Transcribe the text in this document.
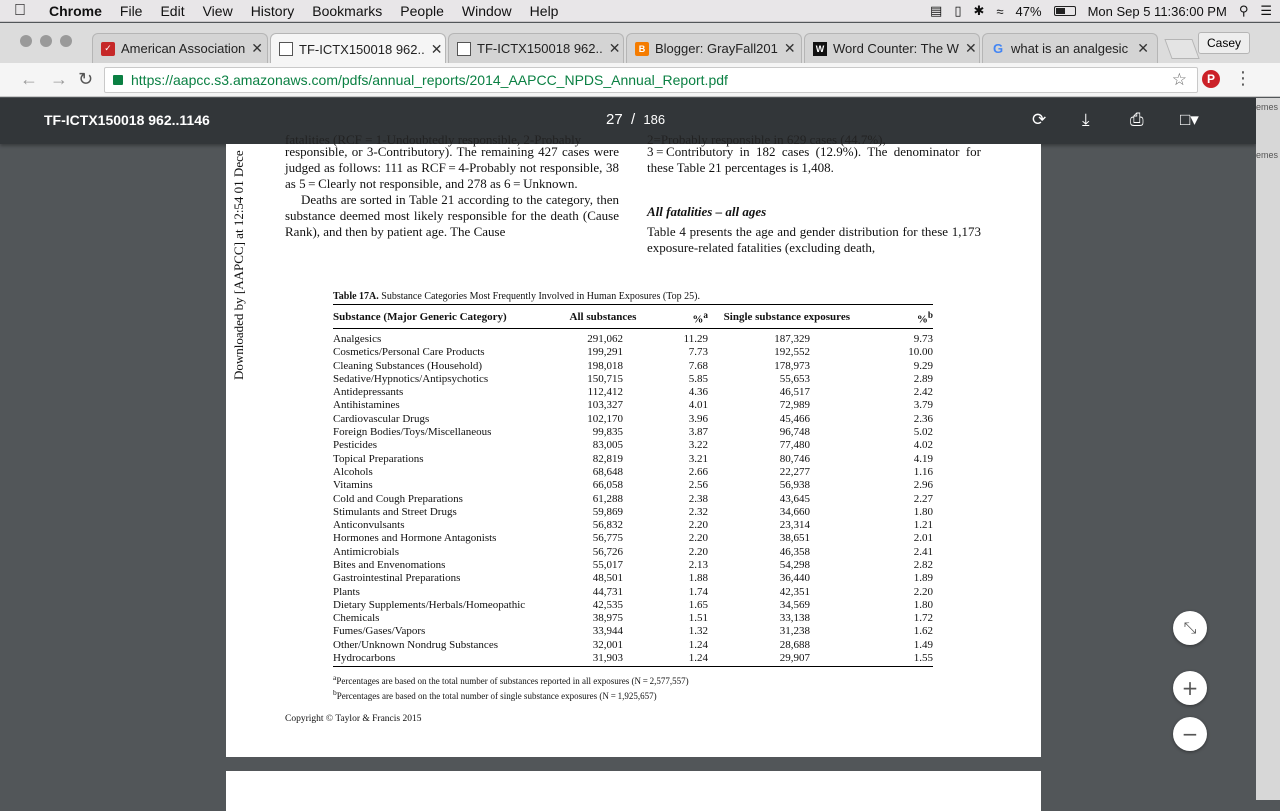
Chrome	File	Edit	View	History	Bookmarks	People	Window	Help	▤ ▯ ✱ ≈ 47%	Mon Sep 5 11:36:00 PM ⚲ ☰
✓ American Association ✕	TF-ICTX150018 962.. ✕	TF-ICTX150018 962.. ✕	B Blogger: GrayFall201 ✕	W Word Counter: The W ✕ G what is an analgesic ✕	Casey
← → ↻	https://aapcc.s3.amazonaws.com/pdfs/annual_reports/2014_AAPCC_NPDS_Annual_Report.pdf	☆	P ⋮
TF-ICTX150018 962..1146	27  / 186	⟳ ⤓ ⎙ □▾
emes
emes
Downloaded by [AAPCC] at 12:54 01 Dece
fatalities (RCF = 1-Undoubtedly responsible, 2-Probably

responsible, or 3-Contributory). The remaining 427 cases were judged as follows: 111 as RCF = 4-Probably not responsible, 38 as 5 = Clearly not responsible, and 278 as 6 = Unknown.

Deaths are sorted in Table 21 according to the category, then substance deemed most likely responsible for the death (Cause Rank), and then by patient age. The Cause

2=Probably responsible in 629 cases (44.7%),

3 = Contributory in 182 cases (12.9%). The denominator for these Table 21 percentages is 1,408.

All fatalities – all ages

Table 4 presents the age and gender distribution for these 1,173 exposure-related fatalities (excluding death,

Table 17A. Substance Categories Most Frequently Involved in Human Exposures (Top 25).
Substance (Major Generic Category)	All substances	%$^a$	Single substance exposures	%$^b$
Analgesics	291,062	11.29	187,329	9.73
Cosmetics/Personal Care Products	199,291	7.73	192,552	10.00
Cleaning Substances (Household)	198,018	7.68	178,973	9.29
Sedative/Hypnotics/Antipsychotics	150,715	5.85	55,653	2.89
Antidepressants	112,412	4.36	46,517	2.42
Antihistamines	103,327	4.01	72,989	3.79
Cardiovascular Drugs	102,170	3.96	45,466	2.36
Foreign Bodies/Toys/Miscellaneous	99,835	3.87	96,748	5.02
Pesticides	83,005	3.22	77,480	4.02
Topical Preparations	82,819	3.21	80,746	4.19
Alcohols	68,648	2.66	22,277	1.16
Vitamins	66,058	2.56	56,938	2.96
Cold and Cough Preparations	61,288	2.38	43,645	2.27
Stimulants and Street Drugs	59,869	2.32	34,660	1.80
Anticonvulsants	56,832	2.20	23,314	1.21
Hormones and Hormone Antagonists	56,775	2.20	38,651	2.01
Antimicrobials	56,726	2.20	46,358	2.41
Bites and Envenomations	55,017	2.13	54,298	2.82
Gastrointestinal Preparations	48,501	1.88	36,440	1.89
Plants	44,731	1.74	42,351	2.20
Dietary Supplements/Herbals/Homeopathic	42,535	1.65	34,569	1.80
Chemicals	38,975	1.51	33,138	1.72
Fumes/Gases/Vapors	33,944	1.32	31,238	1.62
Other/Unknown Nondrug Substances	32,001	1.24	28,688	1.49
Hydrocarbons	31,903	1.24	29,907	1.55
$^a$Percentages are based on the total number of substances reported in all exposures (N = 2,577,557)
$^b$Percentages are based on the total number of single substance exposures (N = 1,925,657)
Copyright © Taylor & Francis 2015
⤡
+
−
